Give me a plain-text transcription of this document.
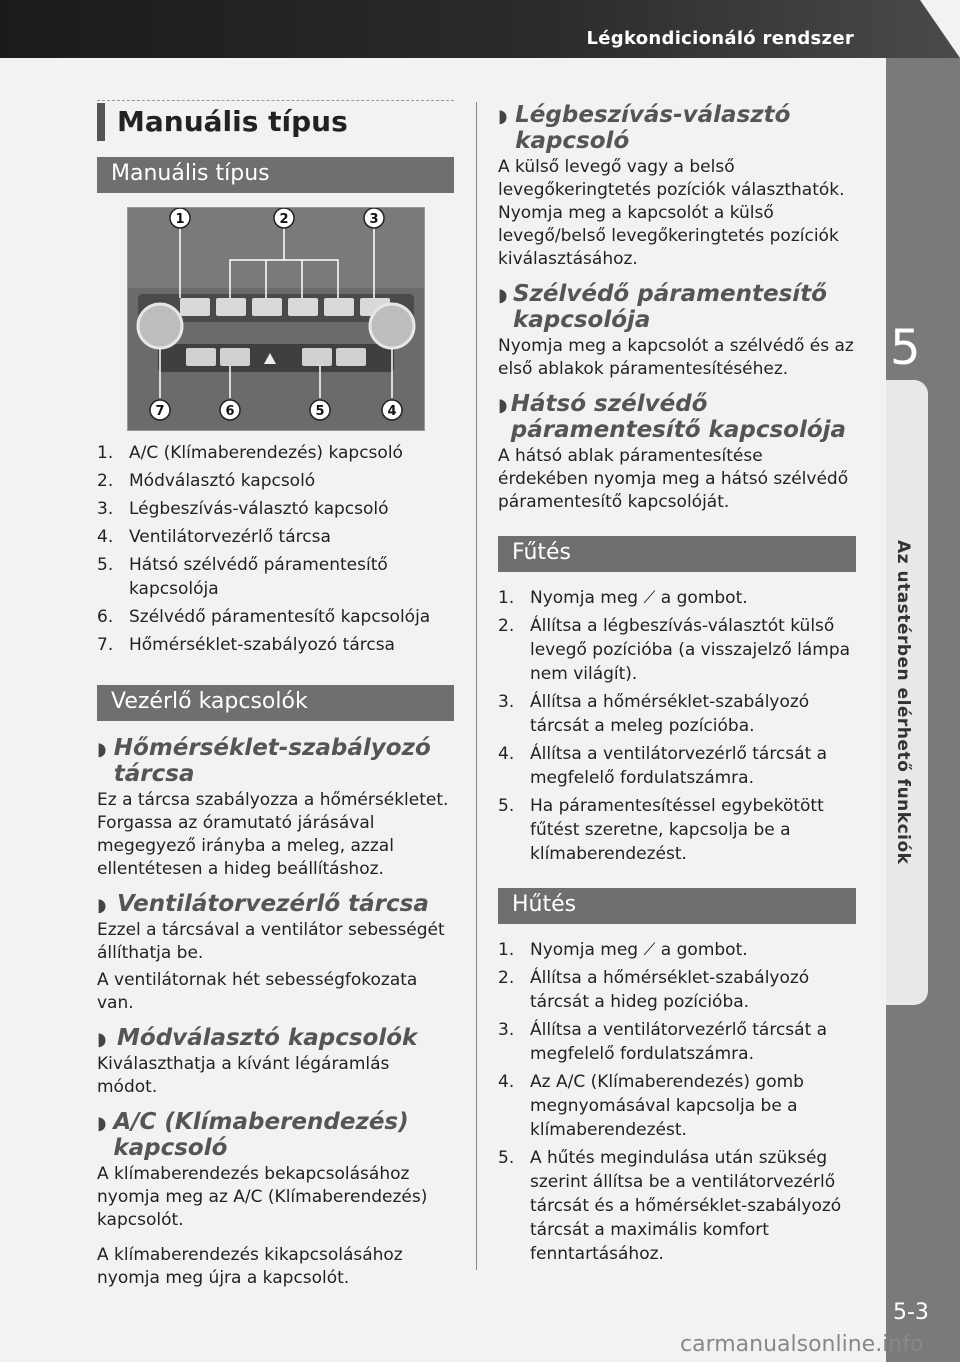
Légkondicionáló rendszer
5
Az utastérben elérhető funkciók
5-3
carmanualsonline.info
Manuális típus
Manuális típus
1	2	3
7	6	5	4
1. A/C (Klímaberendezés) kapcsoló
2. Módválasztó kapcsoló
3. Légbeszívás-választó kapcsoló
4. Ventilátorvezérlő tárcsa
5. Hátsó szélvédő páramentesítő kapcsolója
6. Szélvédő páramentesítő kapcsolója
7. Hőmérséklet-szabályozó tárcsa
Vezérlő kapcsolók
◗ Hőmérséklet-szabályozó tárcsa
Ez a tárcsa szabályozza a hőmérsékletet. Forgassa az óramutató járásával megegyező irányba a meleg, azzal ellentétesen a hideg beállításhoz.
◗ Ventilátorvezérlő tárcsa
Ezzel a tárcsával a ventilátor sebességét állíthatja be.
A ventilátornak hét sebességfokozata van.
◗ Módválasztó kapcsolók
Kiválaszthatja a kívánt légáramlás módot.
◗ A/C (Klímaberendezés) kapcsoló
A klímaberendezés bekapcsolásához nyomja meg az A/C (Klímaberendezés) kapcsolót.
A klímaberendezés kikapcsolásához nyomja meg újra a kapcsolót.
◗ Légbeszívás-választó kapcsoló
A külső levegő vagy a belső levegőkeringtetés pozíciók választhatók. Nyomja meg a kapcsolót a külső levegő/belső levegőkeringtetés pozíciók kiválasztásához.
◗ Szélvédő páramentesítő kapcsolója
Nyomja meg a kapcsolót a szélvédő és az első ablakok páramentesítéséhez.
◗ Hátsó szélvédő páramentesítő kapcsolója
A hátsó ablak páramentesítése érdekében nyomja meg a hátsó szélvédő páramentesítő kapcsolóját.
Fűtés
1. Nyomja meg ⟋ a gombot.
2. Állítsa a légbeszívás-választót külső levegő pozícióba (a visszajelző lámpa nem világít).
3. Állítsa a hőmérséklet-szabályozó tárcsát a meleg pozícióba.
4. Állítsa a ventilátorvezérlő tárcsát a megfelelő fordulatszámra.
5. Ha páramentesítéssel egybekötött fűtést szeretne, kapcsolja be a klímaberendezést.
Hűtés
1. Nyomja meg ⟋ a gombot.
2. Állítsa a hőmérséklet-szabályozó tárcsát a hideg pozícióba.
3. Állítsa a ventilátorvezérlő tárcsát a megfelelő fordulatszámra.
4. Az A/C (Klímaberendezés) gomb megnyomásával kapcsolja be a klímaberendezést.
5. A hűtés megindulása után szükség szerint állítsa be a ventilátorvezérlő tárcsát és a hőmérséklet-szabályozó tárcsát a maximális komfort fenntartásához.
